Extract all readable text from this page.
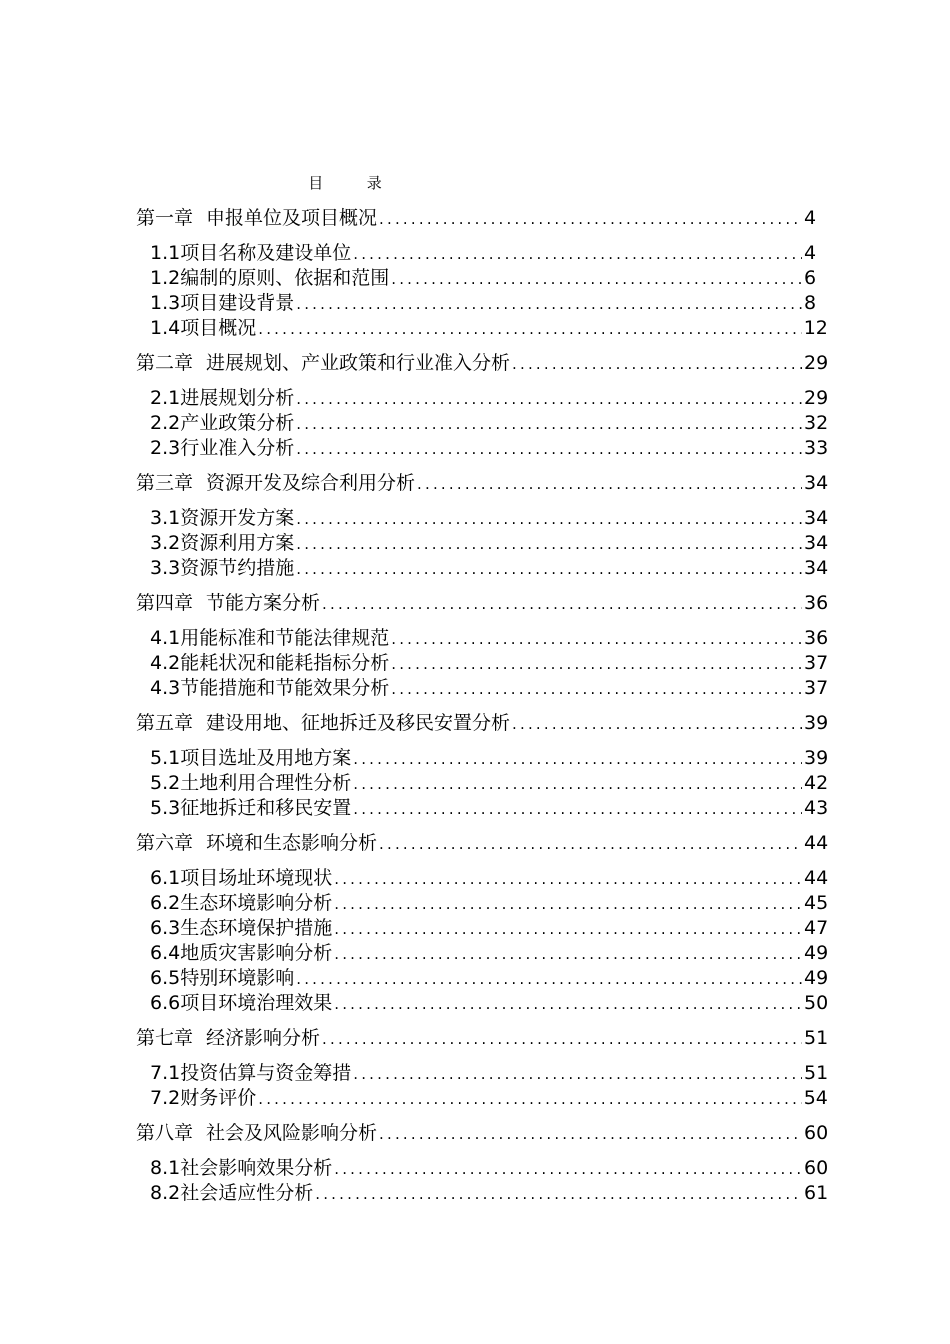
目	录
第一章 申报单位及项目概况 .....	4
1.1 项目名称及建设单位 .....	4
1.2 编制的原则、依据和范围 .....	6
1.3 项目建设背景 .....	8
1.4 项目概况 .....	12
第二章 进展规划、产业政策和行业准入分析 .....	29
2.1 进展规划分析 .....	29
2.2 产业政策分析 .....	32
2.3 行业准入分析 .....	33
第三章 资源开发及综合利用分析 .....	34
3.1 资源开发方案 .....	34
3.2 资源利用方案 .....	34
3.3 资源节约措施 .....	34
第四章 节能方案分析 .....	36
4.1 用能标准和节能法律规范 .....	36
4.2 能耗状况和能耗指标分析 .....	37
4.3 节能措施和节能效果分析 .....	37
第五章 建设用地、征地拆迁及移民安置分析 .....	39
5.1 项目选址及用地方案 .....	39
5.2 土地利用合理性分析 .....	42
5.3 征地拆迁和移民安置 .....	43
第六章 环境和生态影响分析 .....	44
6.1 项目场址环境现状 .....	44
6.2 生态环境影响分析 .....	45
6.3 生态环境保护措施 .....	47
6.4 地质灾害影响分析 .....	49
6.5 特别环境影响 .....	49
6.6 项目环境治理效果 .....	50
第七章 经济影响分析 .....	51
7.1 投资估算与资金筹措 .....	51
7.2 财务评价 .....	54
第八章 社会及风险影响分析 .....	60
8.1 社会影响效果分析 .....	60
8.2 社会适应性分析 .....	61
